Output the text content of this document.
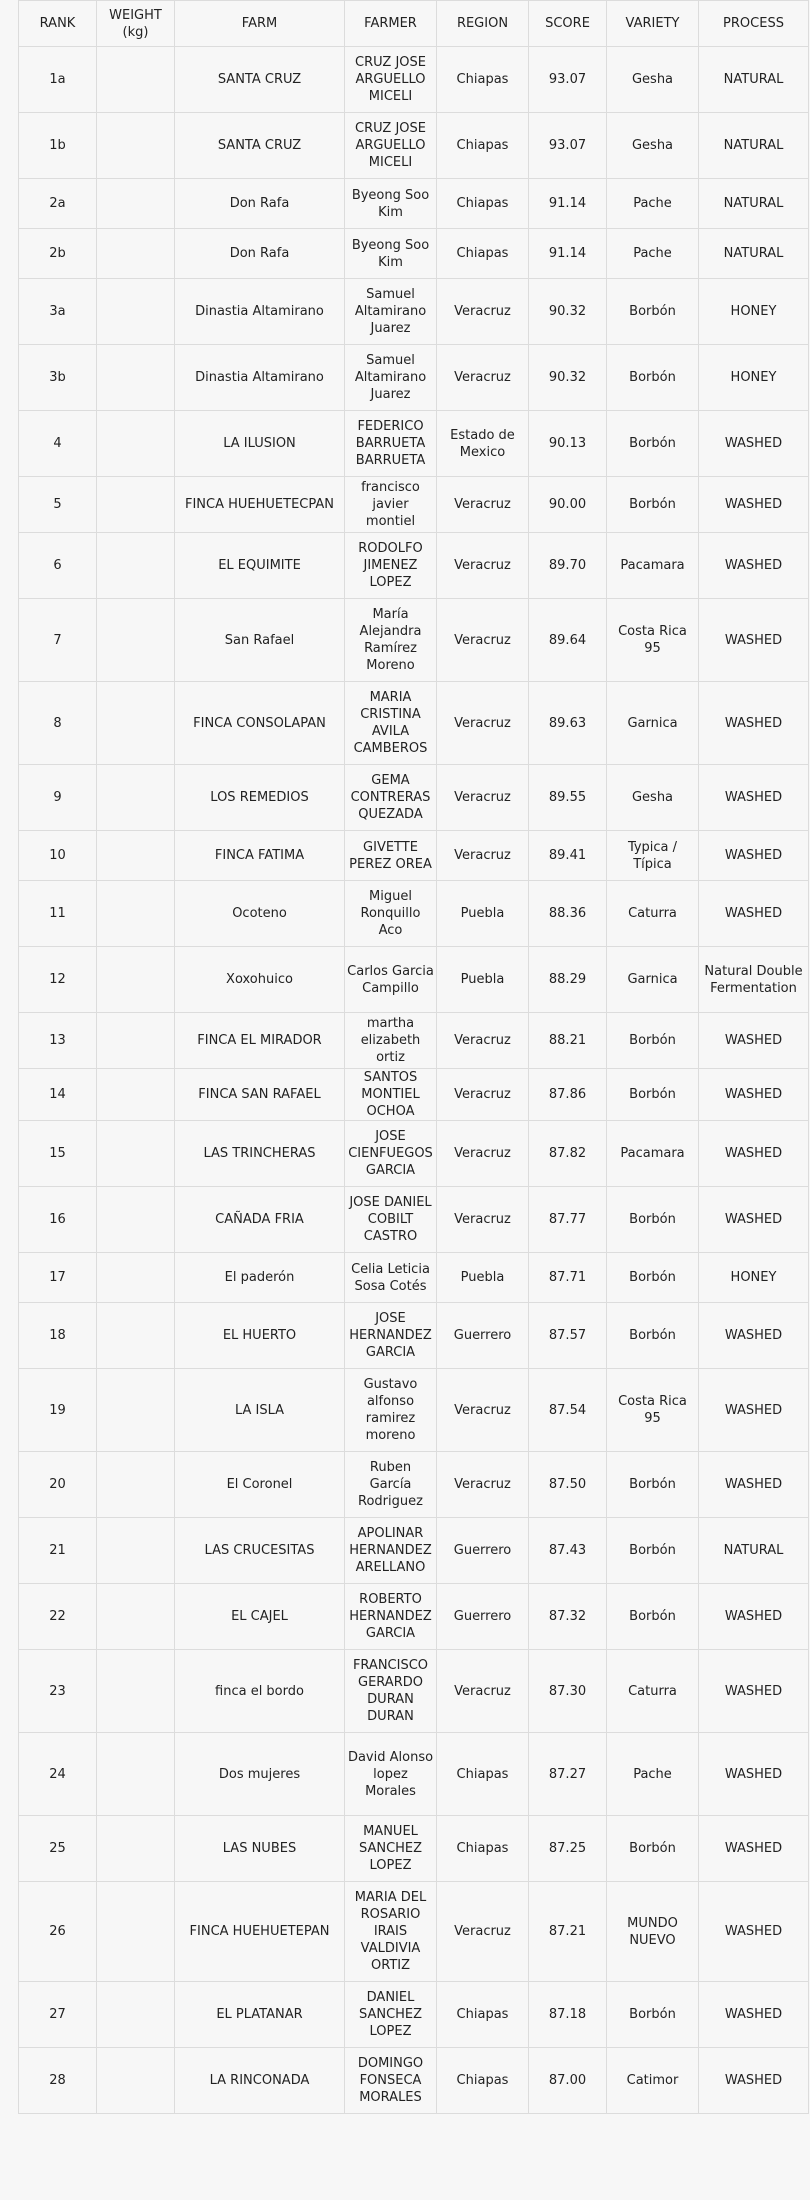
RANK	WEIGHT (kg)	FARM	FARMER	REGION	SCORE	VARIETY	PROCESS
1a		SANTA CRUZ	CRUZ JOSE ARGUELLO MICELI	Chiapas	93.07	Gesha	NATURAL
1b		SANTA CRUZ	CRUZ JOSE ARGUELLO MICELI	Chiapas	93.07	Gesha	NATURAL
2a		Don Rafa	Byeong Soo Kim	Chiapas	91.14	Pache	NATURAL
2b		Don Rafa	Byeong Soo Kim	Chiapas	91.14	Pache	NATURAL
3a		Dinastia Altamirano	Samuel Altamirano Juarez	Veracruz	90.32	Borbón	HONEY
3b		Dinastia Altamirano	Samuel Altamirano Juarez	Veracruz	90.32	Borbón	HONEY
4		LA ILUSION	FEDERICO BARRUETA BARRUETA	Estado de Mexico	90.13	Borbón	WASHED
5		FINCA HUEHUETECPAN	francisco javier montiel	Veracruz	90.00	Borbón	WASHED
6		EL EQUIMITE	RODOLFO JIMENEZ LOPEZ	Veracruz	89.70	Pacamara	WASHED
7		San Rafael	María Alejandra Ramírez Moreno	Veracruz	89.64	Costa Rica 95	WASHED
8		FINCA CONSOLAPAN	MARIA CRISTINA AVILA CAMBEROS	Veracruz	89.63	Garnica	WASHED
9		LOS REMEDIOS	GEMA CONTRERAS QUEZADA	Veracruz	89.55	Gesha	WASHED
10		FINCA FATIMA	GIVETTE PEREZ OREA	Veracruz	89.41	Typica / Típica	WASHED
11		Ocoteno	Miguel Ronquillo Aco	Puebla	88.36	Caturra	WASHED
12		Xoxohuico	Carlos Garcia Campillo	Puebla	88.29	Garnica	Natural Double Fermentation
13		FINCA EL MIRADOR	martha elizabeth ortiz	Veracruz	88.21	Borbón	WASHED
14		FINCA SAN RAFAEL	SANTOS MONTIEL OCHOA	Veracruz	87.86	Borbón	WASHED
15		LAS TRINCHERAS	JOSE CIENFUEGOS GARCIA	Veracruz	87.82	Pacamara	WASHED
16		CAÑADA FRIA	JOSE DANIEL COBILT CASTRO	Veracruz	87.77	Borbón	WASHED
17		El paderón	Celia Leticia Sosa Cotés	Puebla	87.71	Borbón	HONEY
18		EL HUERTO	JOSE HERNANDEZ GARCIA	Guerrero	87.57	Borbón	WASHED
19		LA ISLA	Gustavo alfonso ramirez moreno	Veracruz	87.54	Costa Rica 95	WASHED
20		El Coronel	Ruben García Rodriguez	Veracruz	87.50	Borbón	WASHED
21		LAS CRUCESITAS	APOLINAR HERNANDEZ ARELLANO	Guerrero	87.43	Borbón	NATURAL
22		EL CAJEL	ROBERTO HERNANDEZ GARCIA	Guerrero	87.32	Borbón	WASHED
23		finca el bordo	FRANCISCO GERARDO DURAN DURAN	Veracruz	87.30	Caturra	WASHED
24		Dos mujeres	David Alonso lopez Morales	Chiapas	87.27	Pache	WASHED
25		LAS NUBES	MANUEL SANCHEZ LOPEZ	Chiapas	87.25	Borbón	WASHED
26		FINCA HUEHUETEPAN	MARIA DEL ROSARIO IRAIS VALDIVIA ORTIZ	Veracruz	87.21	MUNDO NUEVO	WASHED
27		EL PLATANAR	DANIEL SANCHEZ LOPEZ	Chiapas	87.18	Borbón	WASHED
28		LA RINCONADA	DOMINGO FONSECA MORALES	Chiapas	87.00	Catimor	WASHED
